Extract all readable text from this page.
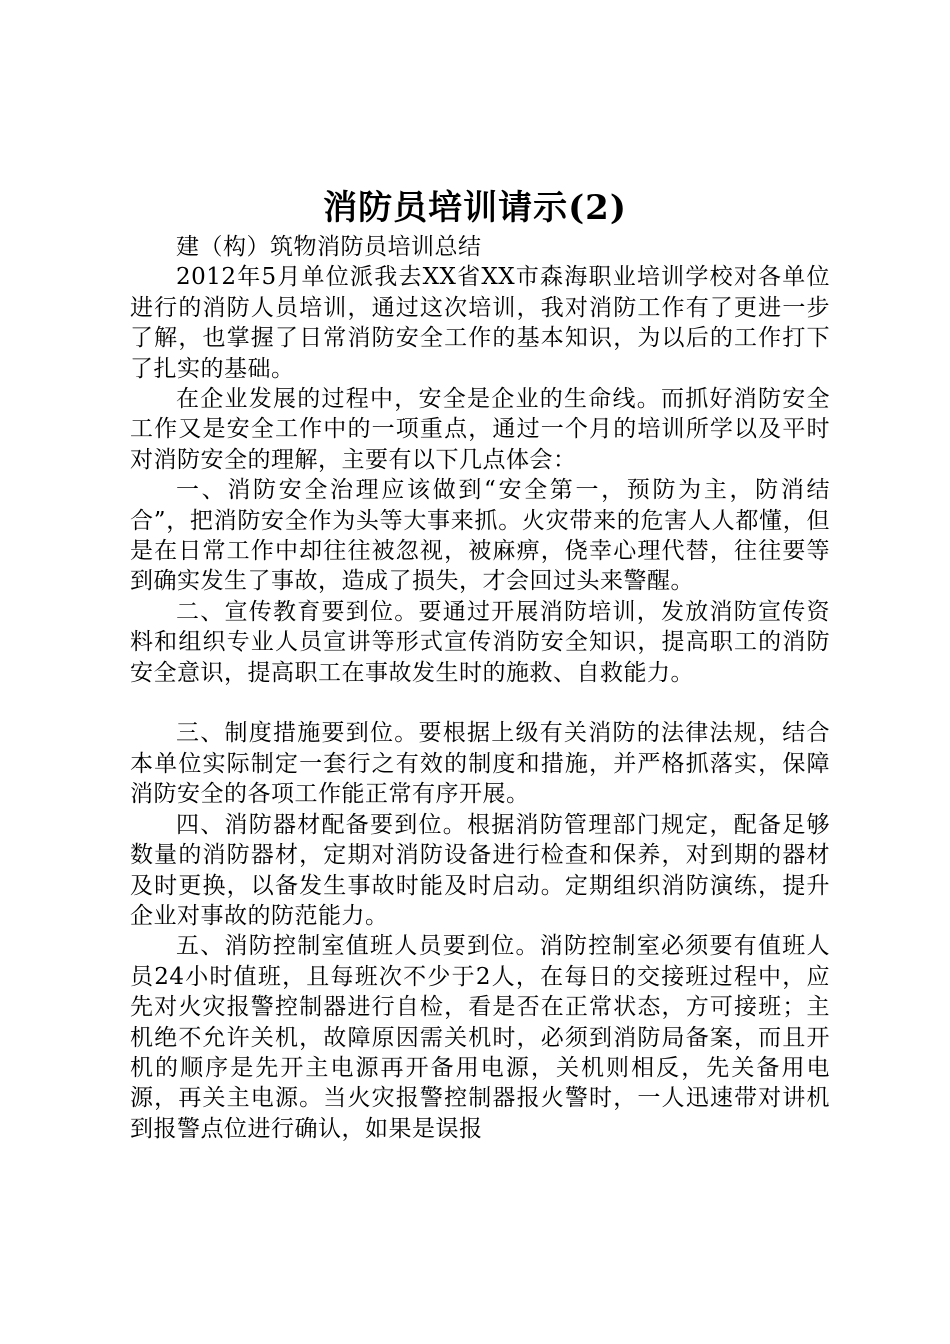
消防员培训请示(2)

建（构）筑物消防员培训总结

2012年5月单位派我去XX省XX市森海职业培训学校对各单位进行的消防人员培训，通过这次培训，我对消防工作有了更进一步了解，也掌握了日常消防安全工作的基本知识，为以后的工作打下了扎实的基础。

在企业发展的过程中，安全是企业的生命线。而抓好消防安全工作又是安全工作中的一项重点，通过一个月的培训所学以及平时对消防安全的理解，主要有以下几点体会：

一、消防安全治理应该做到“安全第一，预防为主，防消结合”，把消防安全作为头等大事来抓。火灾带来的危害人人都懂，但是在日常工作中却往往被忽视，被麻痹，侥幸心理代替，往往要等到确实发生了事故，造成了损失，才会回过头来警醒。

二、宣传教育要到位。要通过开展消防培训，发放消防宣传资料和组织专业人员宣讲等形式宣传消防安全知识，提高职工的消防安全意识，提高职工在事故发生时的施救、自救能力。

三、制度措施要到位。要根据上级有关消防的法律法规，结合本单位实际制定一套行之有效的制度和措施，并严格抓落实，保障消防安全的各项工作能正常有序开展。

四、消防器材配备要到位。根据消防管理部门规定，配备足够数量的消防器材，定期对消防设备进行检查和保养，对到期的器材及时更换，以备发生事故时能及时启动。定期组织消防演练，提升企业对事故的防范能力。

五、消防控制室值班人员要到位。消防控制室必须要有值班人员24小时值班，且每班次不少于2人，在每日的交接班过程中，应先对火灾报警控制器进行自检，看是否在正常状态，方可接班；主机绝不允许关机，故障原因需关机时，必须到消防局备案，而且开机的顺序是先开主电源再开备用电源，关机则相反，先关备用电源，再关主电源。当火灾报警控制器报火警时，一人迅速带对讲机到报警点位进行确认，如果是误报
